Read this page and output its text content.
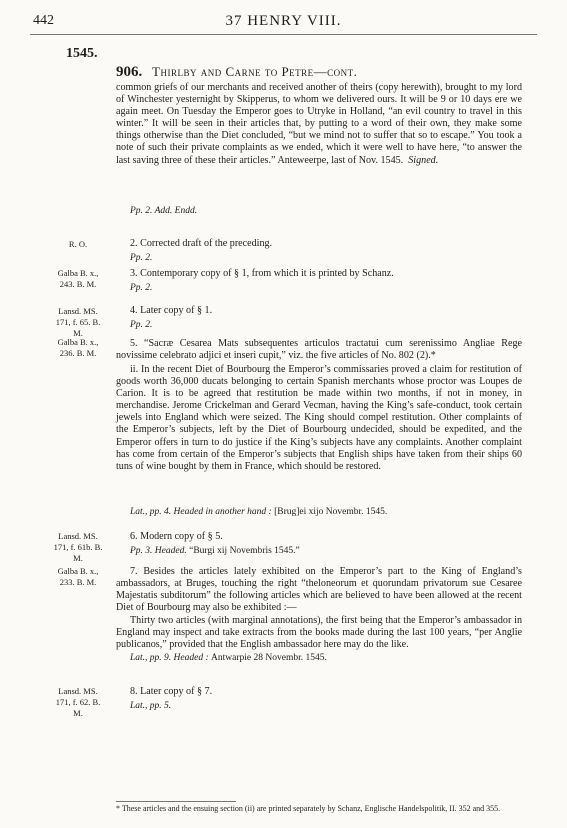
442	37 HENRY VIII.
1545.
906. Thirlby and Carne to Petre—cont.
common griefs of our merchants and received another of theirs (copy herewith), brought to my lord of Winchester yesternight by Skipperus, to whom we delivered ours. It will be 9 or 10 days ere we again meet. On Tuesday the Emperor goes to Utryke in Holland, “an evil country to travel in this winter.” It will be seen in their articles that, by putting to a word of their own, they make some things otherwise than the Diet concluded, “but we mind not to suffer that so to escape.” You took a note of such their private complaints as we ended, which it were well to have here, “to answer the last saving three of these their articles.” Anteweerpe, last of Nov. 1545. Signed.
Pp. 2. Add. Endd.
R. O.	2. Corrected draft of the preceding.
Pp. 2.
Galba B. x., 243. B. M.
3. Contemporary copy of § 1, from which it is printed by Schanz.
Pp. 2.
Lansd. MS. 171, f. 65. B. M.
4. Later copy of § 1.
Pp. 2.
Galba B. x., 236. B. M.
5. “Sacræ Cesarea Mats subsequentes articulos tractatui cum serenissimo Angliae Rege novissime celebrato adjici et inseri cupit,” viz. the five articles of No. 802 (2).*
ii. In the recent Diet of Bourbourg the Emperor’s commissaries proved a claim for restitution of goods worth 36,000 ducats belonging to certain Spanish merchants whose proctor was Loupes de Carion. It is to be agreed that restitution be made within two months, if not in money, in merchandise. Jerome Crickelman and Gerard Vecman, having the King’s safe-conduct, took certain jewels into England which were seized. The King should compel restitution. Other complaints of the Emperor’s subjects, left by the Diet of Bourbourg undecided, should be expedited, and the Emperor offers in turn to do justice if the King’s subjects have any complaints. Another complaint has come from certain of the Emperor’s subjects that English ships have taken from their ships 60 tuns of wine bought by them in France, which should be restored.
Lat., pp. 4. Headed in another hand : [Brug]ei xijo Novembr. 1545.
Lansd. MS. 171, f. 61b. B. M.
6. Modern copy of § 5.
Pp. 3. Headed. “Burgi xij Novembris 1545.”
Galba B. x., 233. B. M.
7. Besides the articles lately exhibited on the Emperor’s part to the King of England’s ambassadors, at Bruges, touching the right “theloneorum et quorundam privatorum sue Cesaree Majestatis subditorum” the following articles which are believed to have been allowed at the recent Diet of Bourbourg may also be exhibited :—
Thirty two articles (with marginal annotations), the first being that the Emperor’s ambassador in England may inspect and take extracts from the books made during the last 100 years, “per Anglie publicanos,” provided that the English ambassador here may do the like.
Lat., pp. 9. Headed : Antwarpie 28 Novembr. 1545.
Lansd. MS. 171, f. 62. B. M.
8. Later copy of § 7.
Lat., pp. 5.
* These articles and the ensuing section (ii) are printed separately by Schanz, Englische Handelspolitik, II. 352 and 355.
